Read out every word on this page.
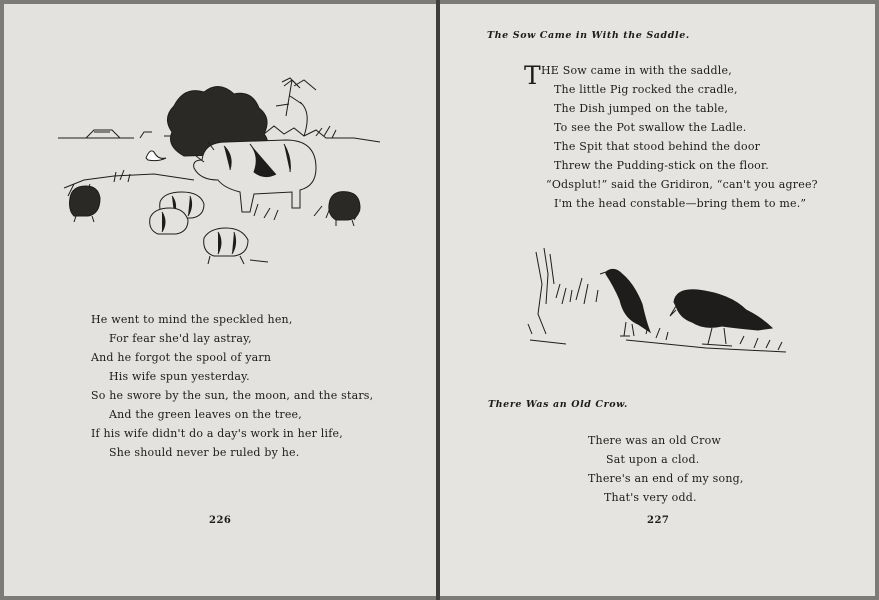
He went to mind the speckled hen,
For fear she'd lay astray,
And he forgot the spool of yarn
His wife spun yesterday.
So he swore by the sun, the moon, and the stars,
And the green leaves on the tree,
If his wife didn't do a day's work in her life,
She should never be ruled by he.
226
The Sow Came in With the Saddle.
T HE Sow came in with the saddle,
The little Pig rocked the cradle,
The Dish jumped on the table,
To see the Pot swallow the Ladle.
The Spit that stood behind the door
Threw the Pudding-stick on the floor.
“Odsplut!” said the Gridiron, “can't you agree?
I'm the head constable—bring them to me.”
There Was an Old Crow.
There was an old Crow
Sat upon a clod.
There's an end of my song,
That's very odd.
227
